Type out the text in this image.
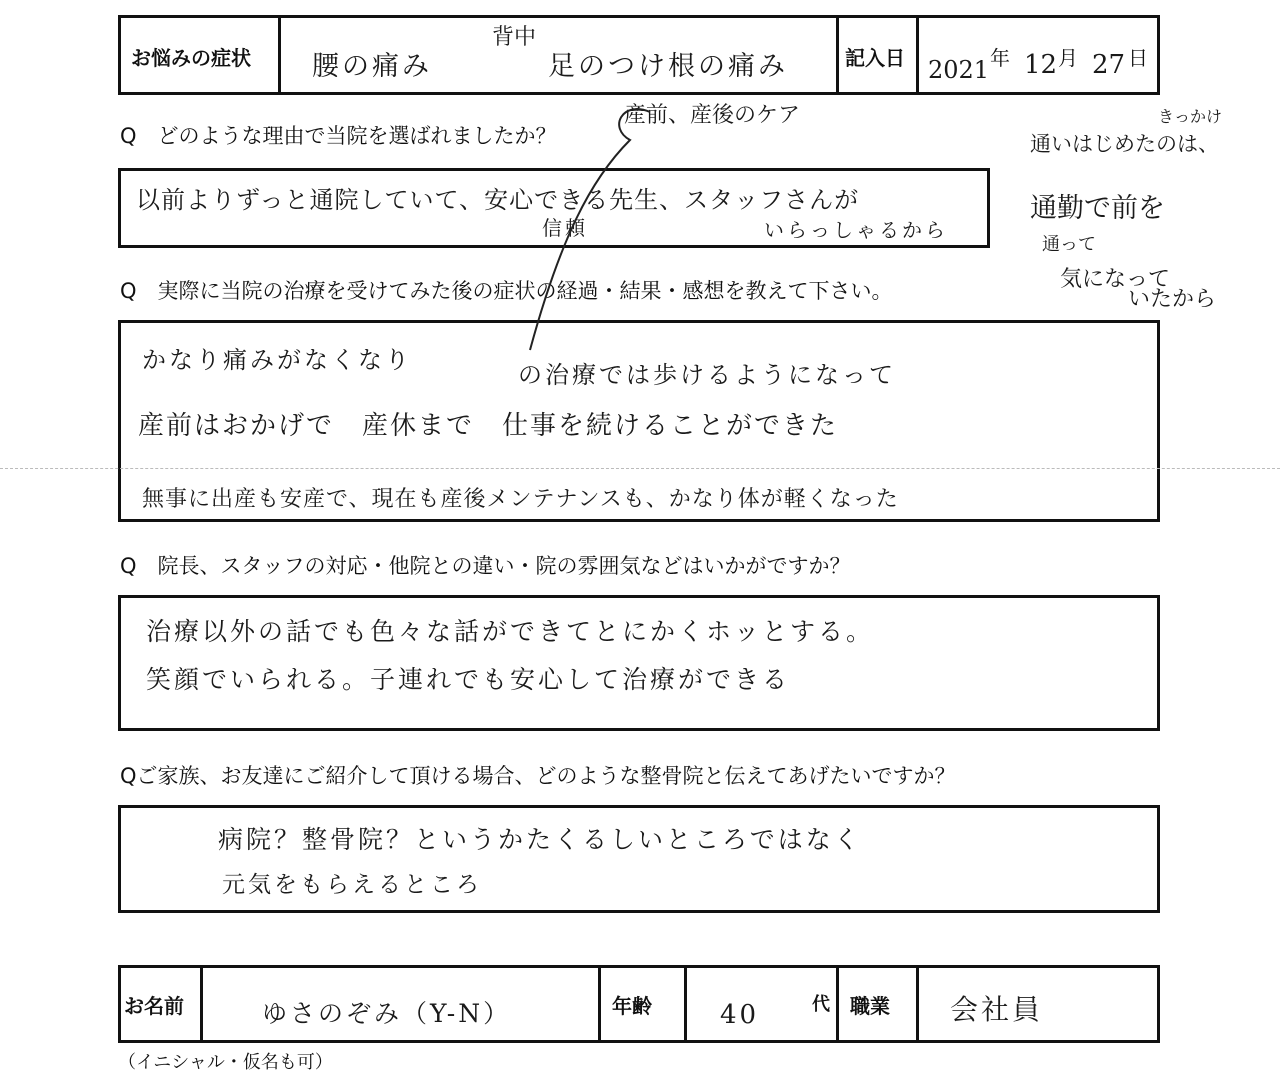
お悩みの症状 腰の痛み
背中
足のつけ根の痛み	記入日 2021 年 12 月 27 日
Q　どのような理由で当院を選ばれましたか？
産前、産後のケア	きっかけ
通いはじめたのは、
以前よりずっと通院していて、安心できる先生、スタッフさんが
信頼	いらっしゃるから
通勤で前を
通って
気になって
いたから
Q　実際に当院の治療を受けてみた後の症状の経過・結果・感想を教えて下さい。
かなり痛みがなくなり
の治療では歩けるようになって
産前はおかげで　産休まで　仕事を続けることができた
無事に出産も安産で、現在も産後メンテナンスも、かなり体が軽くなった
Q　院長、スタッフの対応・他院との違い・院の雰囲気などはいかがですか？
治療以外の話でも色々な話ができてとにかくホッとする。
笑顔でいられる。子連れでも安心して治療ができる
Qご家族、お友達にご紹介して頂ける場合、どのような整骨院と伝えてあげたいですか？
病院？整骨院？というかたくるしいところではなく
元気をもらえるところ
お名前	ゆさのぞみ（Y-N）	年齢	40	代 職業 会社員
（イニシャル・仮名も可）
